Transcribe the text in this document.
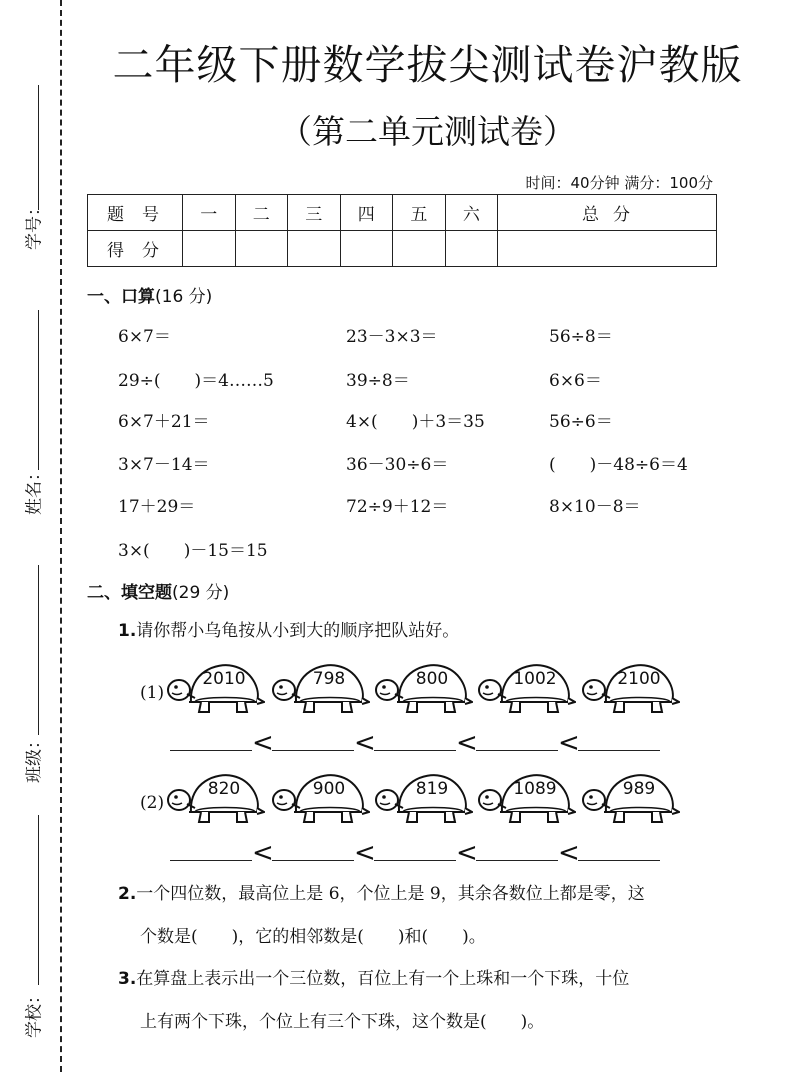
学号：
姓名：
班级：
学校：
二年级下册数学拔尖测试卷沪教版
（第二单元测试卷）
时间：40分钟 满分：100分
题号	一	二	三	四	五	六	总分
得分							
一、口算(16 分)
6×7＝	23－3×3＝	56÷8＝
29÷(　　)＝4……5	39÷8＝	6×6＝
6×7＋21＝	4×(　　)＋3＝35	56÷6＝
3×7－14＝	36－30÷6＝	(　　)－48÷6＝4
17＋29＝	72÷9＋12＝	8×10－8＝
3×(　　)－15＝15
二、填空题(29 分)
1.请你帮小乌龟按从小到大的顺序把队站好。
(1)
2010	798	800	1002	2100
<	<	<	<
(2)
820	900	819	1089	989
<	<	<	<
2.一个四位数，最高位上是 6，个位上是 9，其余各数位上都是零，这
个数是(　　)，它的相邻数是(　　)和(　　)。
3.在算盘上表示出一个三位数，百位上有一个上珠和一个下珠，十位
上有两个下珠，个位上有三个下珠，这个数是(　　)。
